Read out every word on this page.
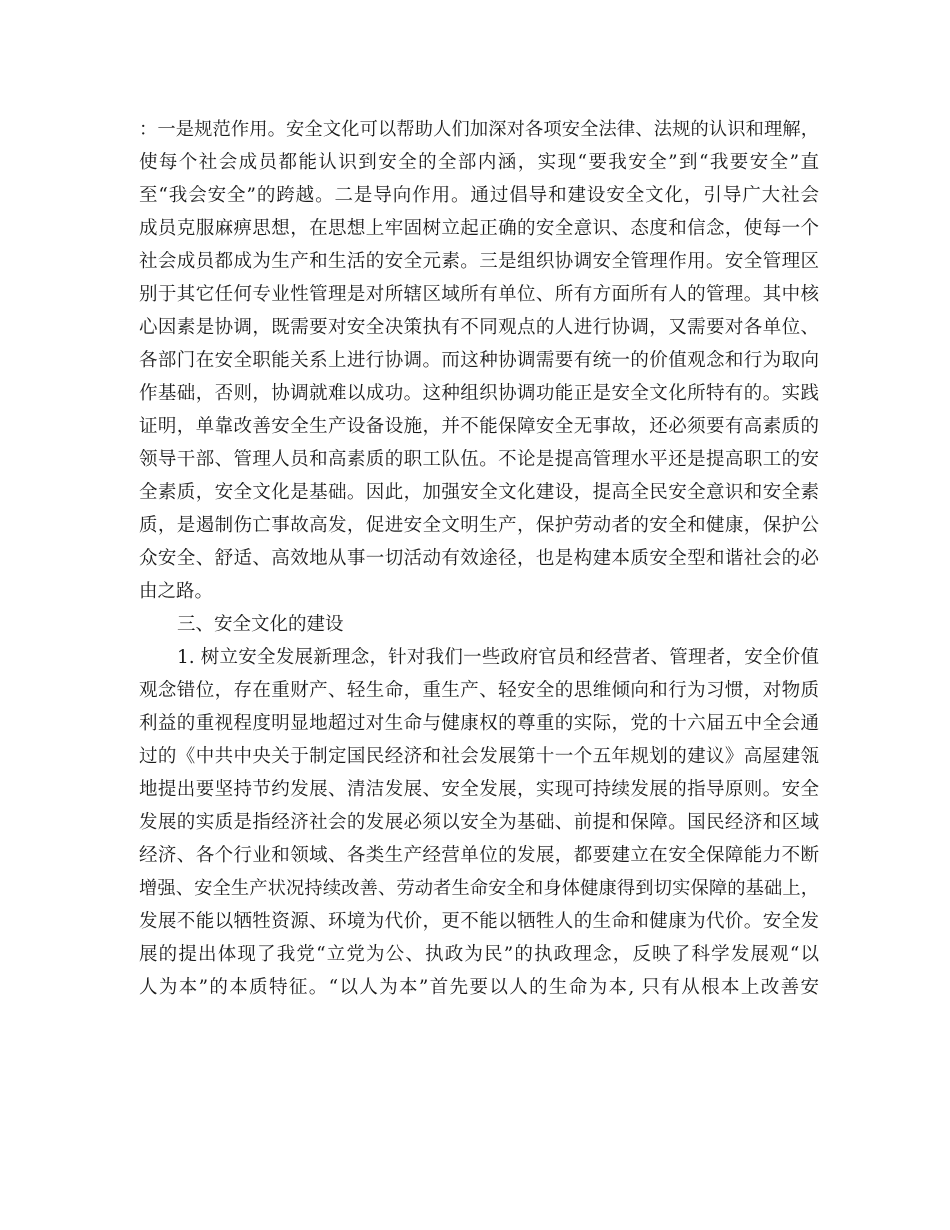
：一是规范作用。安全文化可以帮助人们加深对各项安全法律、法规的认识和理解，
使每个社会成员都能认识到安全的全部内涵，实现“要我安全”到“我要安全”直
至“我会安全”的跨越。二是导向作用。通过倡导和建设安全文化，引导广大社会
成员克服麻痹思想，在思想上牢固树立起正确的安全意识、态度和信念，使每一个
社会成员都成为生产和生活的安全元素。三是组织协调安全管理作用。安全管理区
别于其它任何专业性管理是对所辖区域所有单位、所有方面所有人的管理。其中核
心因素是协调，既需要对安全决策执有不同观点的人进行协调，又需要对各单位、
各部门在安全职能关系上进行协调。而这种协调需要有统一的价值观念和行为取向
作基础，否则，协调就难以成功。这种组织协调功能正是安全文化所特有的。实践
证明，单靠改善安全生产设备设施，并不能保障安全无事故，还必须要有高素质的
领导干部、管理人员和高素质的职工队伍。不论是提高管理水平还是提高职工的安
全素质，安全文化是基础。因此，加强安全文化建设，提高全民安全意识和安全素
质，是遏制伤亡事故高发，促进安全文明生产，保护劳动者的安全和健康，保护公
众安全、舒适、高效地从事一切活动有效途径，也是构建本质安全型和谐社会的必
由之路。
三、安全文化的建设
1. 树立安全发展新理念，针对我们一些政府官员和经营者、管理者，安全价值
观念错位，存在重财产、轻生命，重生产、轻安全的思维倾向和行为习惯，对物质
利益的重视程度明显地超过对生命与健康权的尊重的实际，党的十六届五中全会通
过的《中共中央关于制定国民经济和社会发展第十一个五年规划的建议》高屋建瓴
地提出要坚持节约发展、清洁发展、安全发展，实现可持续发展的指导原则。安全
发展的实质是指经济社会的发展必须以安全为基础、前提和保障。国民经济和区域
经济、各个行业和领域、各类生产经营单位的发展，都要建立在安全保障能力不断
增强、安全生产状况持续改善、劳动者生命安全和身体健康得到切实保障的基础上，
发展不能以牺牲资源、环境为代价，更不能以牺牲人的生命和健康为代价。安全发
展的提出体现了我党“立党为公、执政为民”的执政理念，反映了科学发展观“以
人为本”的本质特征。“以人为本”首先要以人的生命为本, 只有从根本上改善安
